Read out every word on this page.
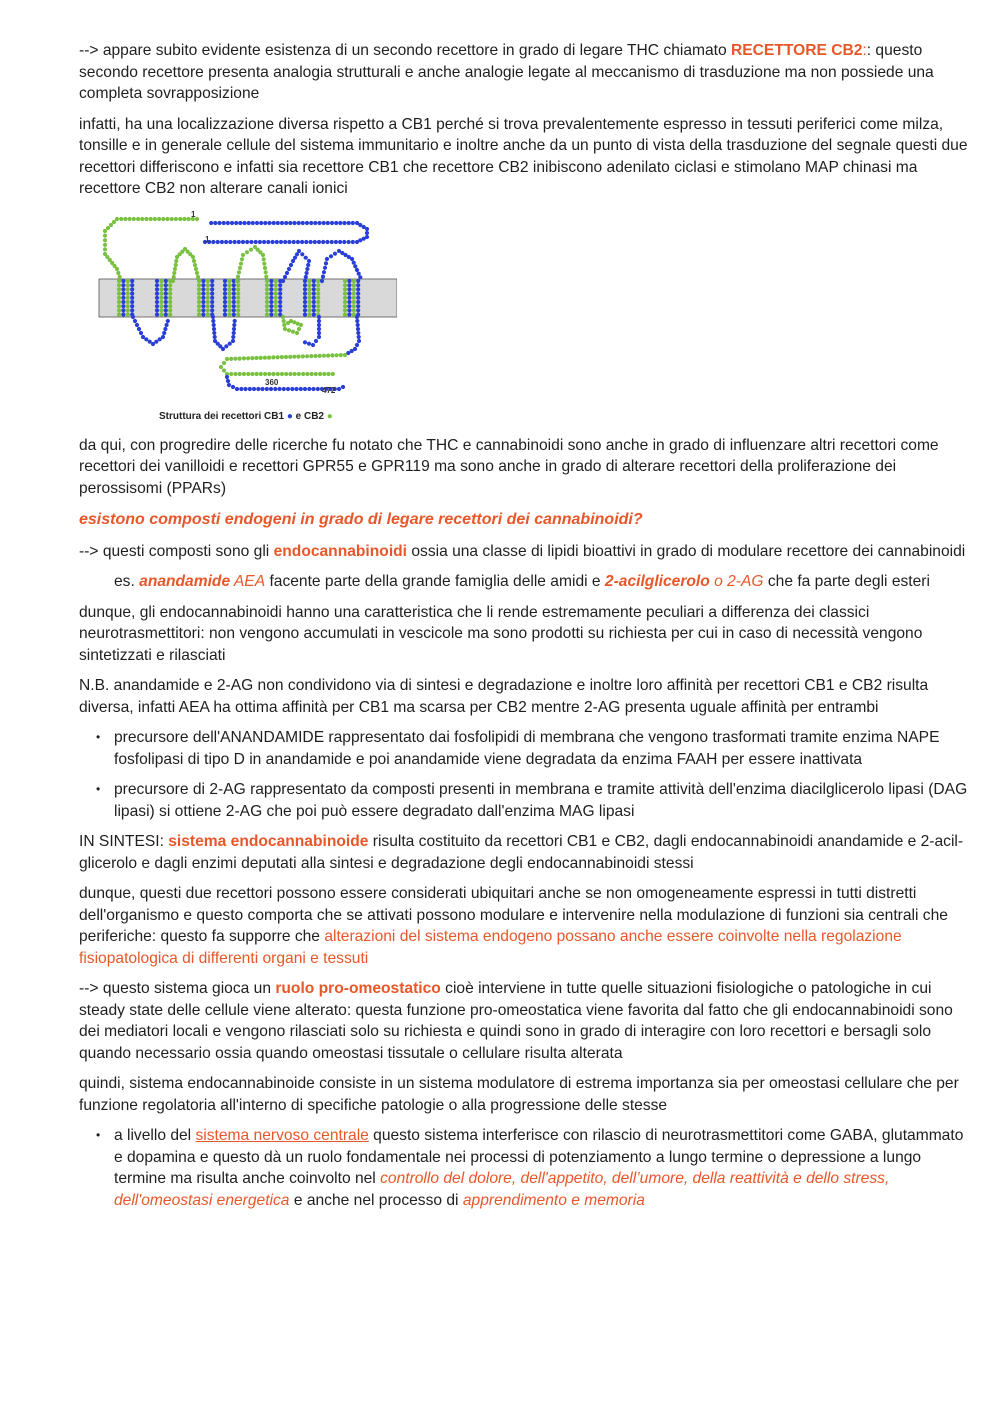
--> appare subito evidente esistenza di un secondo recettore in grado di legare THC chiamato RECETTORE CB2:: questo secondo recettore presenta analogia strutturali e anche analogie legate al meccanismo di trasduzione ma non possiede una completa sovrapposizione

infatti, ha una localizzazione diversa rispetto a CB1 perché si trova prevalentemente espresso in tessuti periferici come milza, tonsille e in generale cellule del sistema immunitario e inoltre anche da un punto di vista della trasduzione del segnale questi due recettori differiscono e infatti sia recettore CB1 che recettore CB2 inibiscono adenilato ciclasi e stimolano MAP chinasi ma recettore CB2 non alterare canali ionici

1
1
360
472
Struttura dei recettori CB1 ● e CB2 ●

da qui, con progredire delle ricerche fu notato che THC e cannabinoidi sono anche in grado di influenzare altri recettori come recettori dei vanilloidi e recettori GPR55 e GPR119 ma sono anche in grado di alterare recettori della proliferazione dei perossisomi (PPARs)

esistono composti endogeni in grado di legare recettori dei cannabinoidi?

--> questi composti sono gli endocannabinoidi ossia una classe di lipidi bioattivi in grado di modulare recettore dei cannabinoidi

es. anandamide AEA facente parte della grande famiglia delle amidi e 2-acilglicerolo o 2-AG che fa parte degli esteri

dunque, gli endocannabinoidi hanno una caratteristica che li rende estremamente peculiari a differenza dei classici neurotrasmettitori: non vengono accumulati in vescicole ma sono prodotti su richiesta per cui in caso di necessità vengono sintetizzati e rilasciati

N.B. anandamide e 2-AG non condividono via di sintesi e degradazione e inoltre loro affinità per recettori CB1 e CB2 risulta diversa, infatti AEA ha ottima affinità per CB1 ma scarsa per CB2 mentre 2-AG presenta uguale affinità per entrambi

• precursore dell'ANANDAMIDE rappresentato dai fosfolipidi di membrana che vengono trasformati tramite enzima NAPE fosfolipasi di tipo D in anandamide e poi anandamide viene degradata da enzima FAAH per essere inattivata
• precursore di 2-AG rappresentato da composti presenti in membrana e tramite attività dell'enzima diacilglicerolo lipasi (DAG lipasi) si ottiene 2-AG che poi può essere degradato dall'enzima MAG lipasi

IN SINTESI: sistema endocannabinoide risulta costituito da recettori CB1 e CB2, dagli endocannabinoidi anandamide e 2-acil-glicerolo e dagli enzimi deputati alla sintesi e degradazione degli endocannabinoidi stessi

dunque, questi due recettori possono essere considerati ubiquitari anche se non omogeneamente espressi in tutti distretti dell'organismo e questo comporta che se attivati possono modulare e intervenire nella modulazione di funzioni sia centrali che periferiche: questo fa supporre che alterazioni del sistema endogeno possano anche essere coinvolte nella regolazione fisiopatologica di differenti organi e tessuti

--> questo sistema gioca un ruolo pro-omeostatico cioè interviene in tutte quelle situazioni fisiologiche o patologiche in cui steady state delle cellule viene alterato: questa funzione pro-omeostatica viene favorita dal fatto che gli endocannabinoidi sono dei mediatori locali e vengono rilasciati solo su richiesta e quindi sono in grado di interagire con loro recettori e bersagli solo quando necessario ossia quando omeostasi tissutale o cellulare risulta alterata

quindi, sistema endocannabinoide consiste in un sistema modulatore di estrema importanza sia per omeostasi cellulare che per funzione regolatoria all'interno di specifiche patologie o alla progressione delle stesse

• a livello del sistema nervoso centrale questo sistema interferisce con rilascio di neurotrasmettitori come GABA, glutammato e dopamina e questo dà un ruolo fondamentale nei processi di potenziamento a lungo termine o depressione a lungo termine ma risulta anche coinvolto nel controllo del dolore, dell'appetito, dell’umore, della reattività e dello stress, dell'omeostasi energetica e anche nel processo di apprendimento e memoria
